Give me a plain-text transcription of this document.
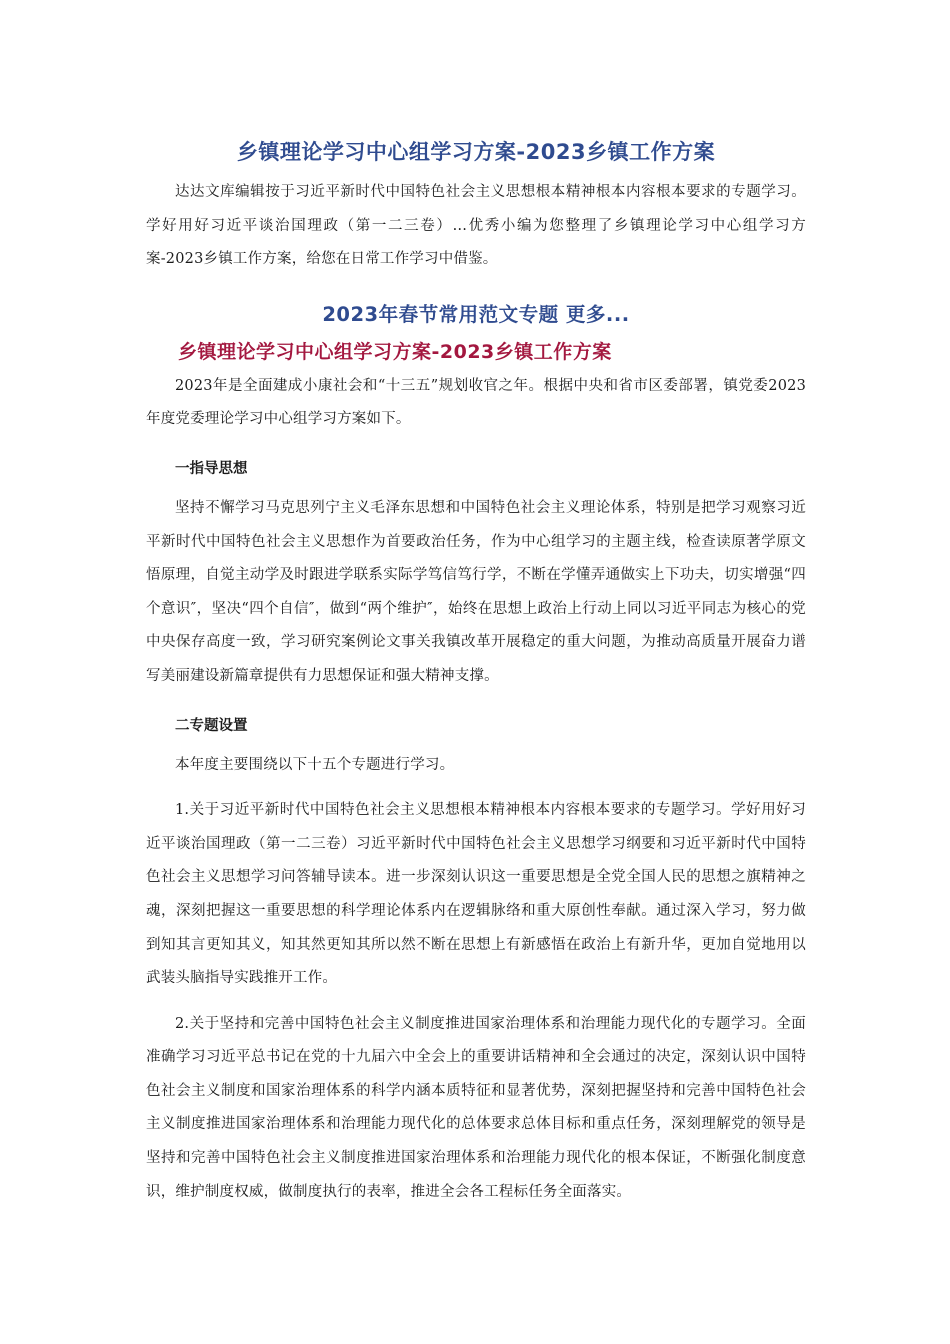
乡镇理论学习中心组学习方案-2023乡镇工作方案

达达文库编辑按于习近平新时代中国特色社会主义思想根本精神根本内容根本要求的专题学习。学好用好习近平谈治国理政（第一二三卷）…优秀小编为您整理了乡镇理论学习中心组学习方案-2023乡镇工作方案，给您在日常工作学习中借鉴。

2023年春节常用范文专题 更多...
乡镇理论学习中心组学习方案-2023乡镇工作方案

2023年是全面建成小康社会和“十三五”规划收官之年。根据中央和省市区委部署，镇党委2023年度党委理论学习中心组学习方案如下。

一指导思想

坚持不懈学习马克思列宁主义毛泽东思想和中国特色社会主义理论体系，特别是把学习观察习近平新时代中国特色社会主义思想作为首要政治任务，作为中心组学习的主题主线，检查读原著学原文悟原理，自觉主动学及时跟进学联系实际学笃信笃行学，不断在学懂弄通做实上下功夫，切实增强“四个意识″，坚决“四个自信″，做到“两个维护″，始终在思想上政治上行动上同以习近平同志为核心的党中央保存高度一致，学习研究案例论文事关我镇改革开展稳定的重大问题，为推动高质量开展奋力谱写美丽建设新篇章提供有力思想保证和强大精神支撑。

二专题设置

本年度主要围绕以下十五个专题进行学习。

1.关于习近平新时代中国特色社会主义思想根本精神根本内容根本要求的专题学习。学好用好习近平谈治国理政（第一二三卷）习近平新时代中国特色社会主义思想学习纲要和习近平新时代中国特色社会主义思想学习问答辅导读本。进一步深刻认识这一重要思想是全党全国人民的思想之旗精神之魂，深刻把握这一重要思想的科学理论体系内在逻辑脉络和重大原创性奉献。通过深入学习，努力做到知其言更知其义，知其然更知其所以然不断在思想上有新感悟在政治上有新升华，更加自觉地用以武装头脑指导实践推开工作。

2.关于坚持和完善中国特色社会主义制度推进国家治理体系和治理能力现代化的专题学习。全面准确学习习近平总书记在党的十九届六中全会上的重要讲话精神和全会通过的决定，深刻认识中国特色社会主义制度和国家治理体系的科学内涵本质特征和显著优势，深刻把握坚持和完善中国特色社会主义制度推进国家治理体系和治理能力现代化的总体要求总体目标和重点任务，深刻理解党的领导是坚持和完善中国特色社会主义制度推进国家治理体系和治理能力现代化的根本保证，不断强化制度意识，维护制度权威，做制度执行的表率，推进全会各工程标任务全面落实。
